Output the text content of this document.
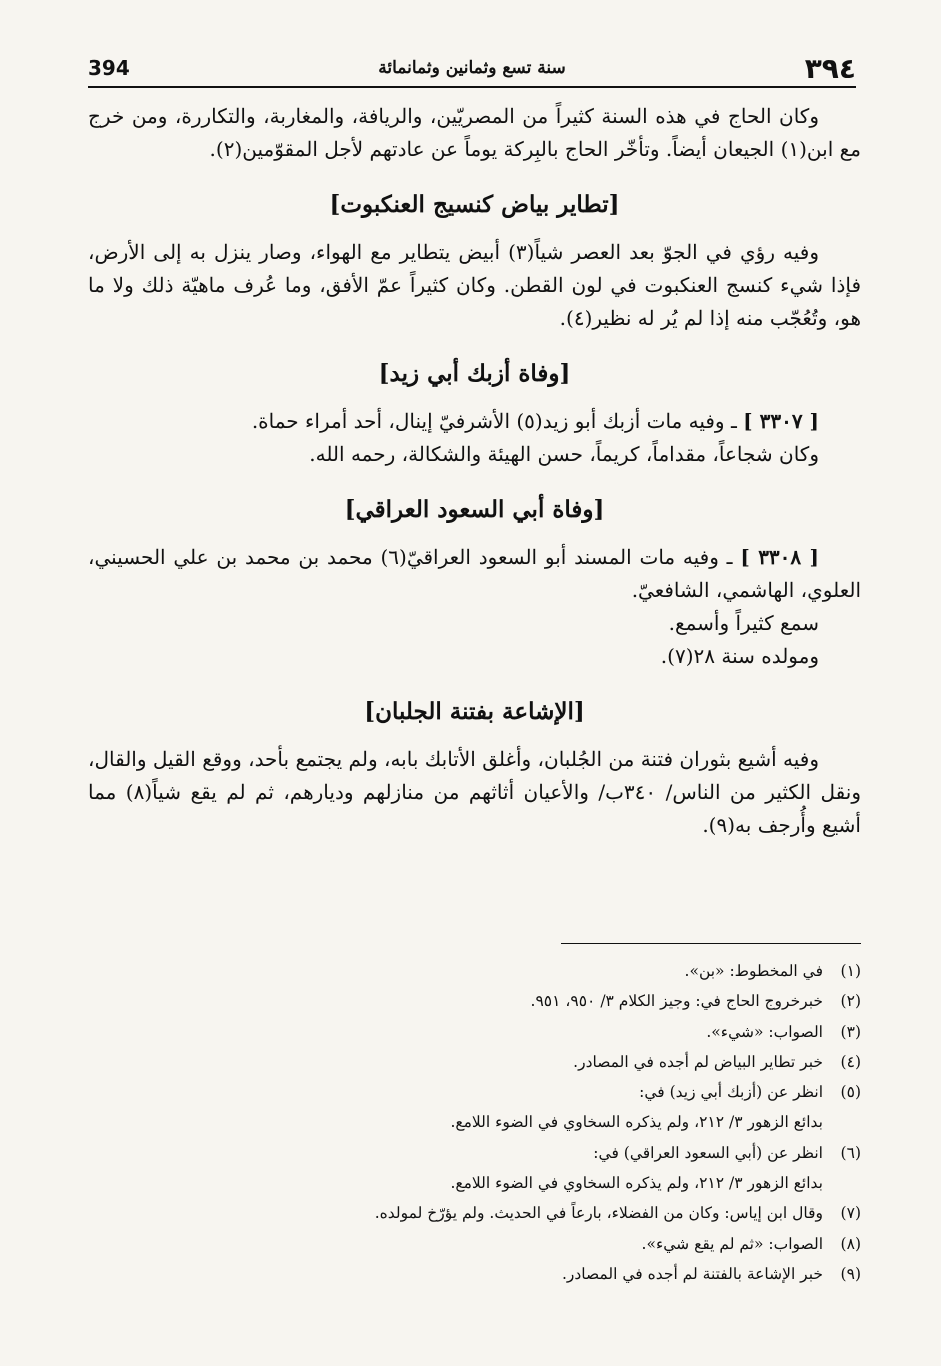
394	سنة تسع وثمانين وثمانمائة	٣٩٤

وكان الحاج في هذه السنة كثيراً من المصريّين، والريافة، والمغاربة، والتكاررة، ومن خرج مع ابن(١) الجيعان أيضاً. وتأخّر الحاج بالبِركة يوماً عن عادتهم لأجل المقوّمين(٢).

[تطاير بياض كنسيج العنكبوت]

وفيه رؤي في الجوّ بعد العصر شياً(٣) أبيض يتطاير مع الهواء، وصار ينزل به إلى الأرض، فإذا شيء كنسج العنكبوت في لون القطن. وكان كثيراً عمّ الأفق، وما عُرف ماهيّة ذلك ولا ما هو، وتُعُجّب منه إذا لم يُر له نظير(٤).

[وفاة أزبك أبي زيد]

[ ٣٣٠٧ ] ـ وفيه مات أزبك أبو زيد(٥) الأشرفيّ إينال، أحد أمراء حماة.

وكان شجاعاً، مقداماً، كريماً، حسن الهيئة والشكالة، رحمه الله.

[وفاة أبي السعود العراقي]

[ ٣٣٠٨ ] ـ وفيه مات المسند أبو السعود العراقيّ(٦) محمد بن محمد بن علي الحسيني، العلوي، الهاشمي، الشافعيّ.

سمع كثيراً وأسمع.

ومولده سنة ٢٨(٧).

[الإشاعة بفتنة الجلبان]

وفيه أشيع بثوران فتنة من الجُلبان، وأغلق الأتابك بابه، ولم يجتمع بأحد، ووقع القيل والقال، ونقل الكثير من الناس/ ٣٤٠ب/ والأعيان أثاثهم من منازلهم وديارهم، ثم لم يقع شياً(٨) مما أشيع وأُرجف به(٩).

(١)
في المخطوط: «بن».
(٢)
خبرخروج الحاج في: وجيز الكلام ٣/ ٩٥٠، ٩٥١.
(٣)
الصواب: «شيء».
(٤)
خبر تطاير البياض لم أجده في المصادر.
(٥)
انظر عن (أزبك أبي زيد) في:
بدائع الزهور ٣/ ٢١٢، ولم يذكره السخاوي في الضوء اللامع.
(٦)
انظر عن (أبي السعود العراقي) في:
بدائع الزهور ٣/ ٢١٢، ولم يذكره السخاوي في الضوء اللامع.
(٧)
وقال ابن إياس: وكان من الفضلاء، بارعاً في الحديث. ولم يؤرّخ لمولده.
(٨)
الصواب: «ثم لم يقع شيء».
(٩)
خبر الإشاعة بالفتنة لم أجده في المصادر.
